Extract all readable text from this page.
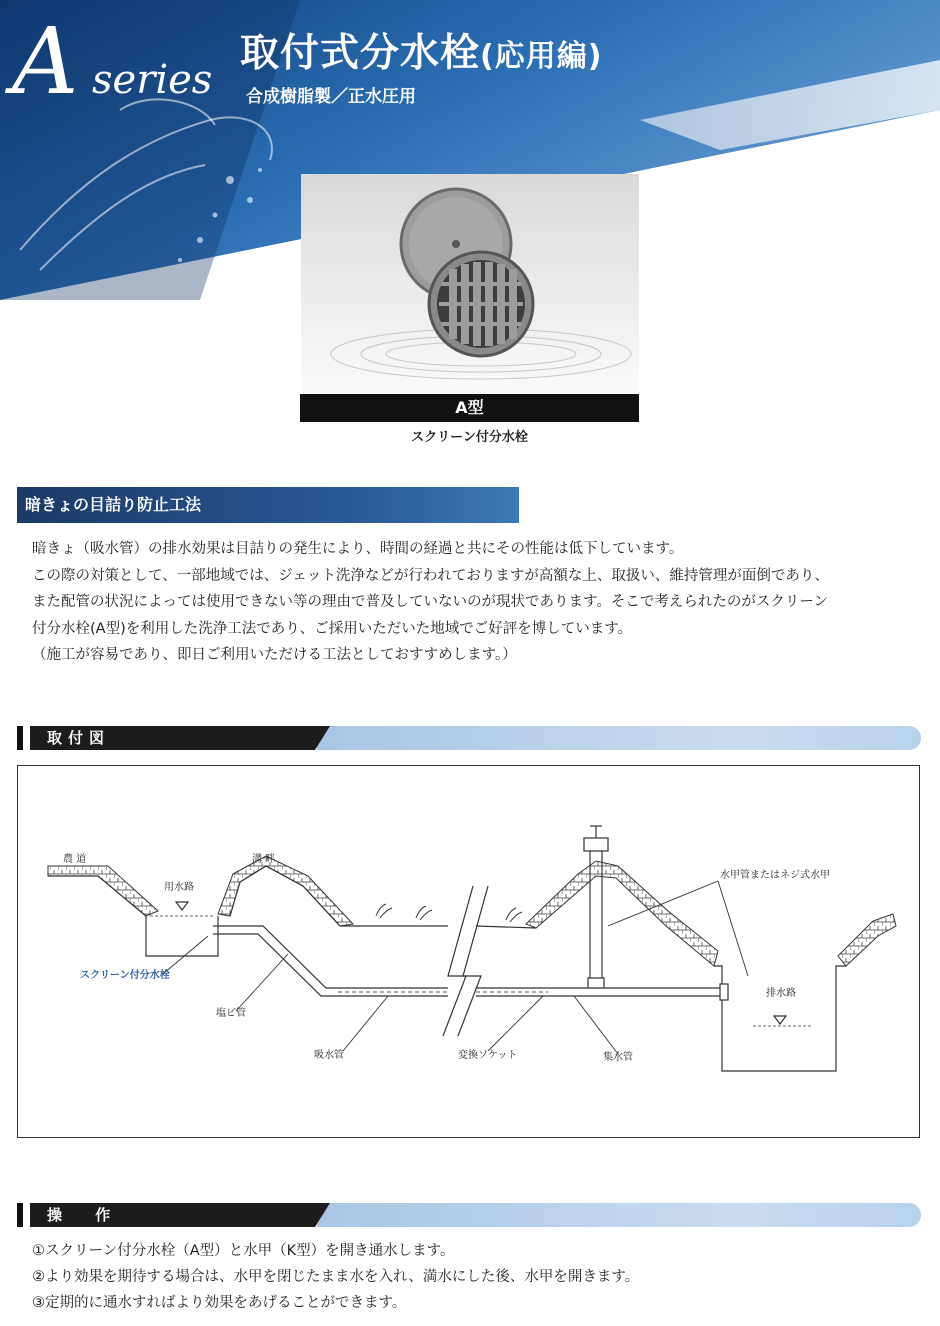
A series
取付式分水栓(応用編)
合成樹脂製／正水圧用
A型
スクリーン付分水栓
暗きょの目詰り防止工法

暗きょ（吸水管）の排水効果は目詰りの発生により、時間の経過と共にその性能は低下しています。

この際の対策として、一部地域では、ジェット洗浄などが行われておりますが高額な上、取扱い、維持管理が面倒であり、

また配管の状況によっては使用できない等の理由で普及していないのが現状であります。そこで考えられたのがスクリーン

付分水栓(A型)を利用した洗浄工法であり、ご採用いただいた地域でご好評を博しています。

（施工が容易であり、即日ご利用いただける工法としておすすめします。）

取付図
農 道	溝 畔
用水路
スクリーン付分水栓
塩ビ管
吸水管	変換ソケット	集水管
水甲管またはネジ式水甲
排水路
操 作

①スクリーン付分水栓（A型）と水甲（K型）を開き通水します。

②より効果を期待する場合は、水甲を閉じたまま水を入れ、満水にした後、水甲を開きます。

③定期的に通水すればより効果をあげることができます。
